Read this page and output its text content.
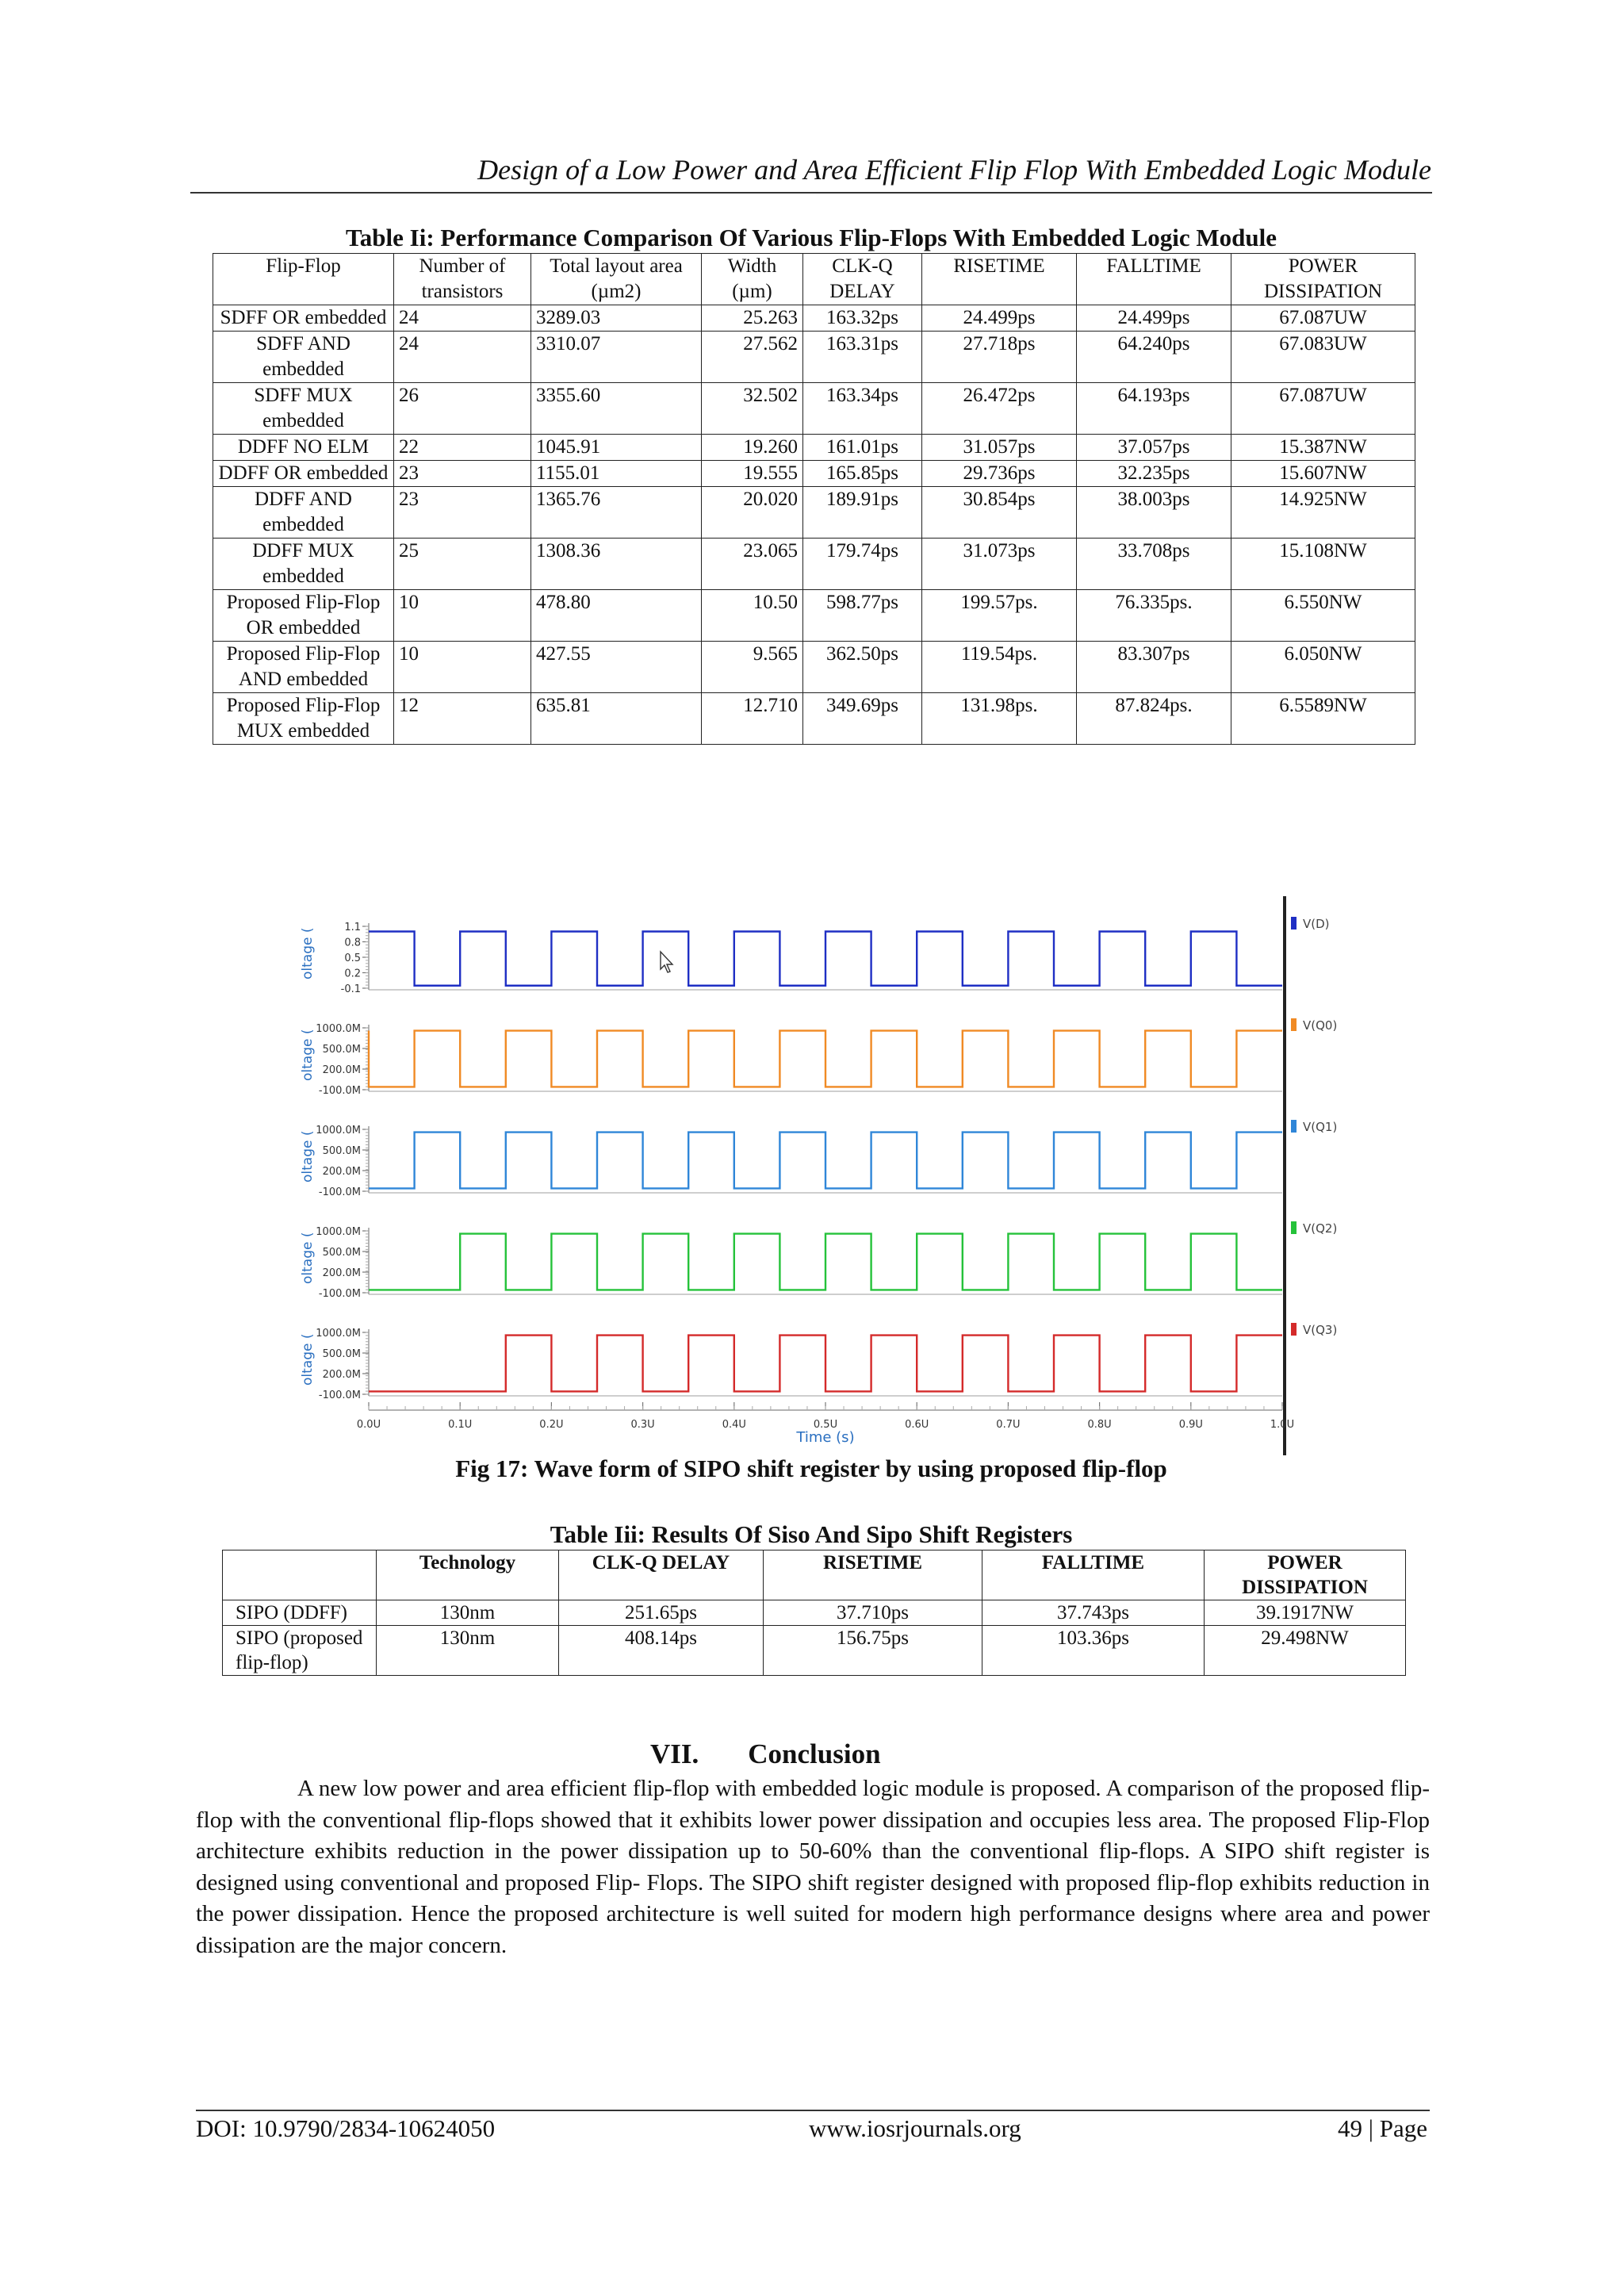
Design of a Low Power and Area Efficient Flip Flop With Embedded Logic Module
Table Ii: Performance Comparison Of Various Flip-Flops With Embedded Logic Module
Flip-Flop	Number of transistors	Total layout area (µm2)	Width (µm)	CLK-Q DELAY	RISETIME	FALLTIME	POWER DISSIPATION
SDFF OR embedded	24	3289.03	25.263	163.32ps	24.499ps	24.499ps	67.087UW
SDFF AND embedded	24	3310.07	27.562	163.31ps	27.718ps	64.240ps	67.083UW
SDFF MUX embedded	26	3355.60	32.502	163.34ps	26.472ps	64.193ps	67.087UW
DDFF NO ELM	22	1045.91	19.260	161.01ps	31.057ps	37.057ps	15.387NW
DDFF OR embedded	23	1155.01	19.555	165.85ps	29.736ps	32.235ps	15.607NW
DDFF AND embedded	23	1365.76	20.020	189.91ps	30.854ps	38.003ps	14.925NW
DDFF MUX embedded	25	1308.36	23.065	179.74ps	31.073ps	33.708ps	15.108NW
Proposed Flip-Flop OR embedded	10	478.80	10.50	598.77ps	199.57ps.	76.335ps.	6.550NW
Proposed Flip-Flop AND embedded	10	427.55	9.565	362.50ps	119.54ps.	83.307ps	6.050NW
Proposed Flip-Flop MUX embedded	12	635.81	12.710	349.69ps	131.98ps.	87.824ps.	6.5589NW
1.1
0.8
0.5
0.2
-0.1
oltage (
V(D)
1000.0M
500.0M
200.0M
-100.0M
oltage (
V(Q0)
1000.0M
500.0M
200.0M
-100.0M
oltage (
V(Q1)
1000.0M
500.0M
200.0M
-100.0M
oltage (
V(Q2)
1000.0M
500.0M
200.0M
-100.0M
oltage (
V(Q3)
0.0U	0.1U	0.2U	0.3U	0.4U	0.5U	0.6U	0.7U	0.8U	0.9U	1.0U
Time (s)
Fig 17: Wave form of SIPO shift register by using proposed flip-flop
Table Iii: Results Of Siso And Sipo Shift Registers
	Technology	CLK-Q DELAY	RISETIME	FALLTIME	POWER DISSIPATION
SIPO (DDFF)	130nm	251.65ps	37.710ps	37.743ps	39.1917NW
SIPO (proposed flip-flop)	130nm	408.14ps	156.75ps	103.36ps	29.498NW
VII. Conclusion

A new low power and area efficient flip-flop with embedded logic module is proposed. A comparison of the proposed flip-flop with the conventional flip-flops showed that it exhibits lower power dissipation and occupies less area. The proposed Flip-Flop architecture exhibits reduction in the power dissipation up to 50-60% than the conventional flip-flops. A SIPO shift register is designed using conventional and proposed Flip- Flops. The SIPO shift register designed with proposed flip-flop exhibits reduction in the power dissipation. Hence the proposed architecture is well suited for modern high performance designs where area and power dissipation are the major concern.

DOI: 10.9790/2834-10624050	www.iosrjournals.org	49 | Page
